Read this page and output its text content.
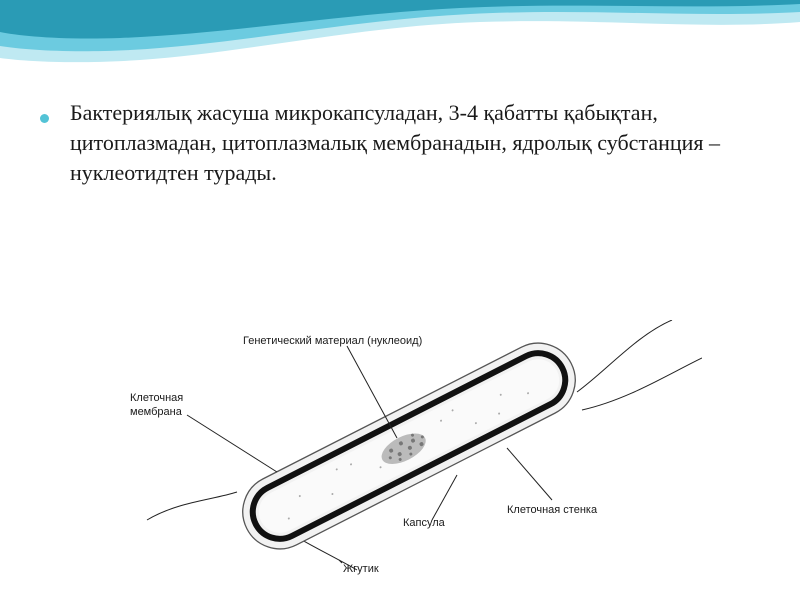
Бактериялық жасуша микрокапсуладан, 3-4 қабатты қабықтан, цитоплазмадан, цитоплазмалық мембранадын, ядролық субстанция – нуклеотидтен турады.

Генетический материал (нуклеоид)
Клеточная
мембрана
Клеточная стенка
Капсула
Жгутик
